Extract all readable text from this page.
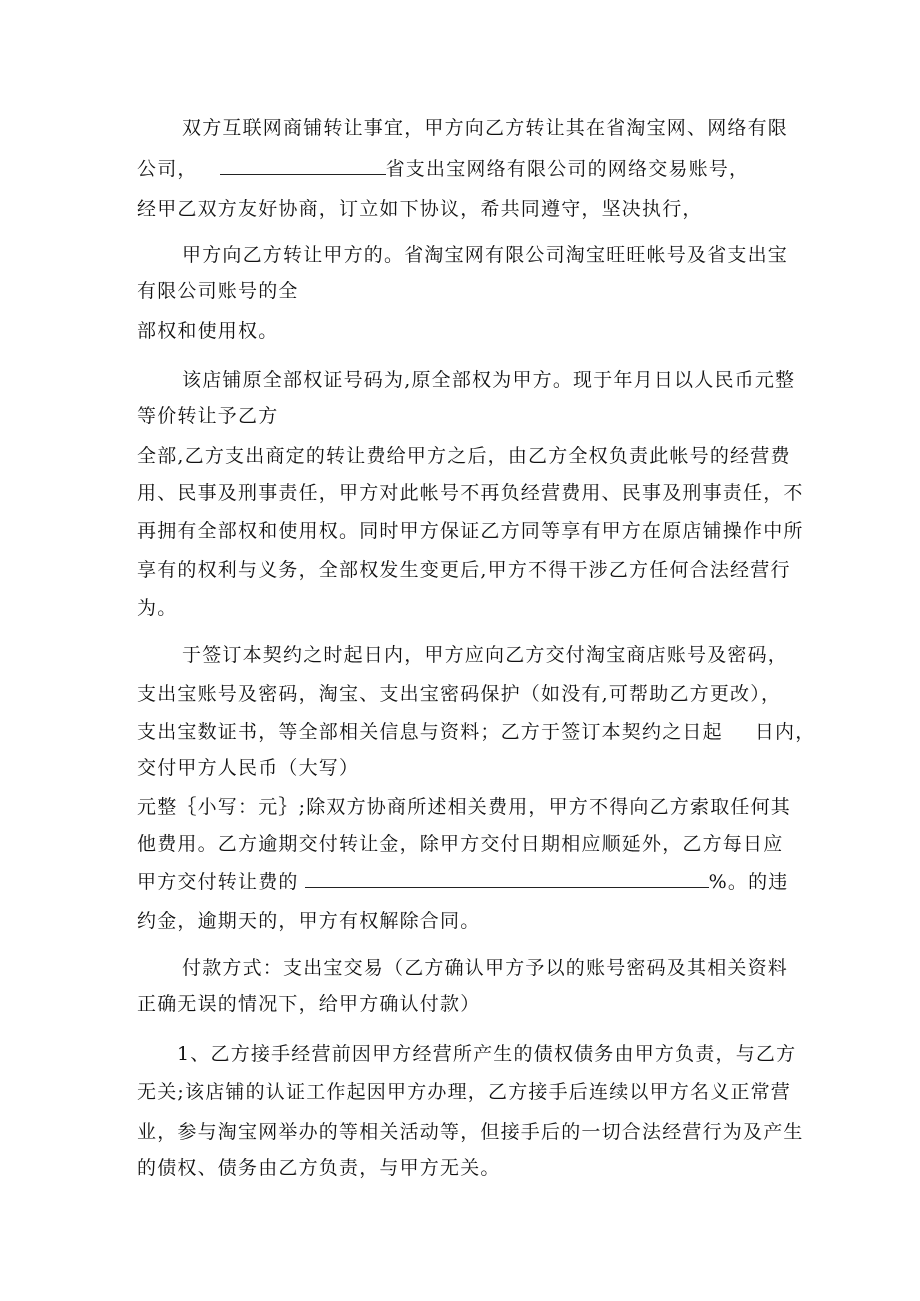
双方互联网商铺转让事宜，甲方向乙方转让其在省淘宝网、网络有限
公司，	省支出宝网络有限公司的网络交易账号，
经甲乙双方友好协商，订立如下协议，希共同遵守，坚决执行，
甲方向乙方转让甲方的。省淘宝网有限公司淘宝旺旺帐号及省支出宝
有限公司账号的全
部权和使用权。
该店铺原全部权证号码为,原全部权为甲方。现于年月日以人民币元整
等价转让予乙方
全部,乙方支出商定的转让费给甲方之后，由乙方全权负责此帐号的经营费
用、民事及刑事责任，甲方对此帐号不再负经营费用、民事及刑事责任，不
再拥有全部权和使用权。同时甲方保证乙方同等享有甲方在原店铺操作中所
享有的权利与义务，全部权发生变更后,甲方不得干涉乙方任何合法经营行
为。
于签订本契约之时起日内，甲方应向乙方交付淘宝商店账号及密码，
支出宝账号及密码，淘宝、支出宝密码保护（如没有,可帮助乙方更改），
支出宝数证书，等全部相关信息与资料；乙方于签订本契约之日起 日内，
交付甲方人民币（大写）
元整｛小写：元｝;除双方协商所述相关费用，甲方不得向乙方索取任何其
他费用。乙方逾期交付转让金，除甲方交付日期相应顺延外，乙方每日应
甲方交付转让费的	%。的违
约金，逾期天的，甲方有权解除合同。
付款方式：支出宝交易（乙方确认甲方予以的账号密码及其相关资料
正确无误的情况下，给甲方确认付款）
1、乙方接手经营前因甲方经营所产生的债权债务由甲方负责，与乙方
无关;该店铺的认证工作起因甲方办理，乙方接手后连续以甲方名义正常营
业，参与淘宝网举办的等相关活动等，但接手后的一切合法经营行为及产生
的债权、债务由乙方负责，与甲方无关。
